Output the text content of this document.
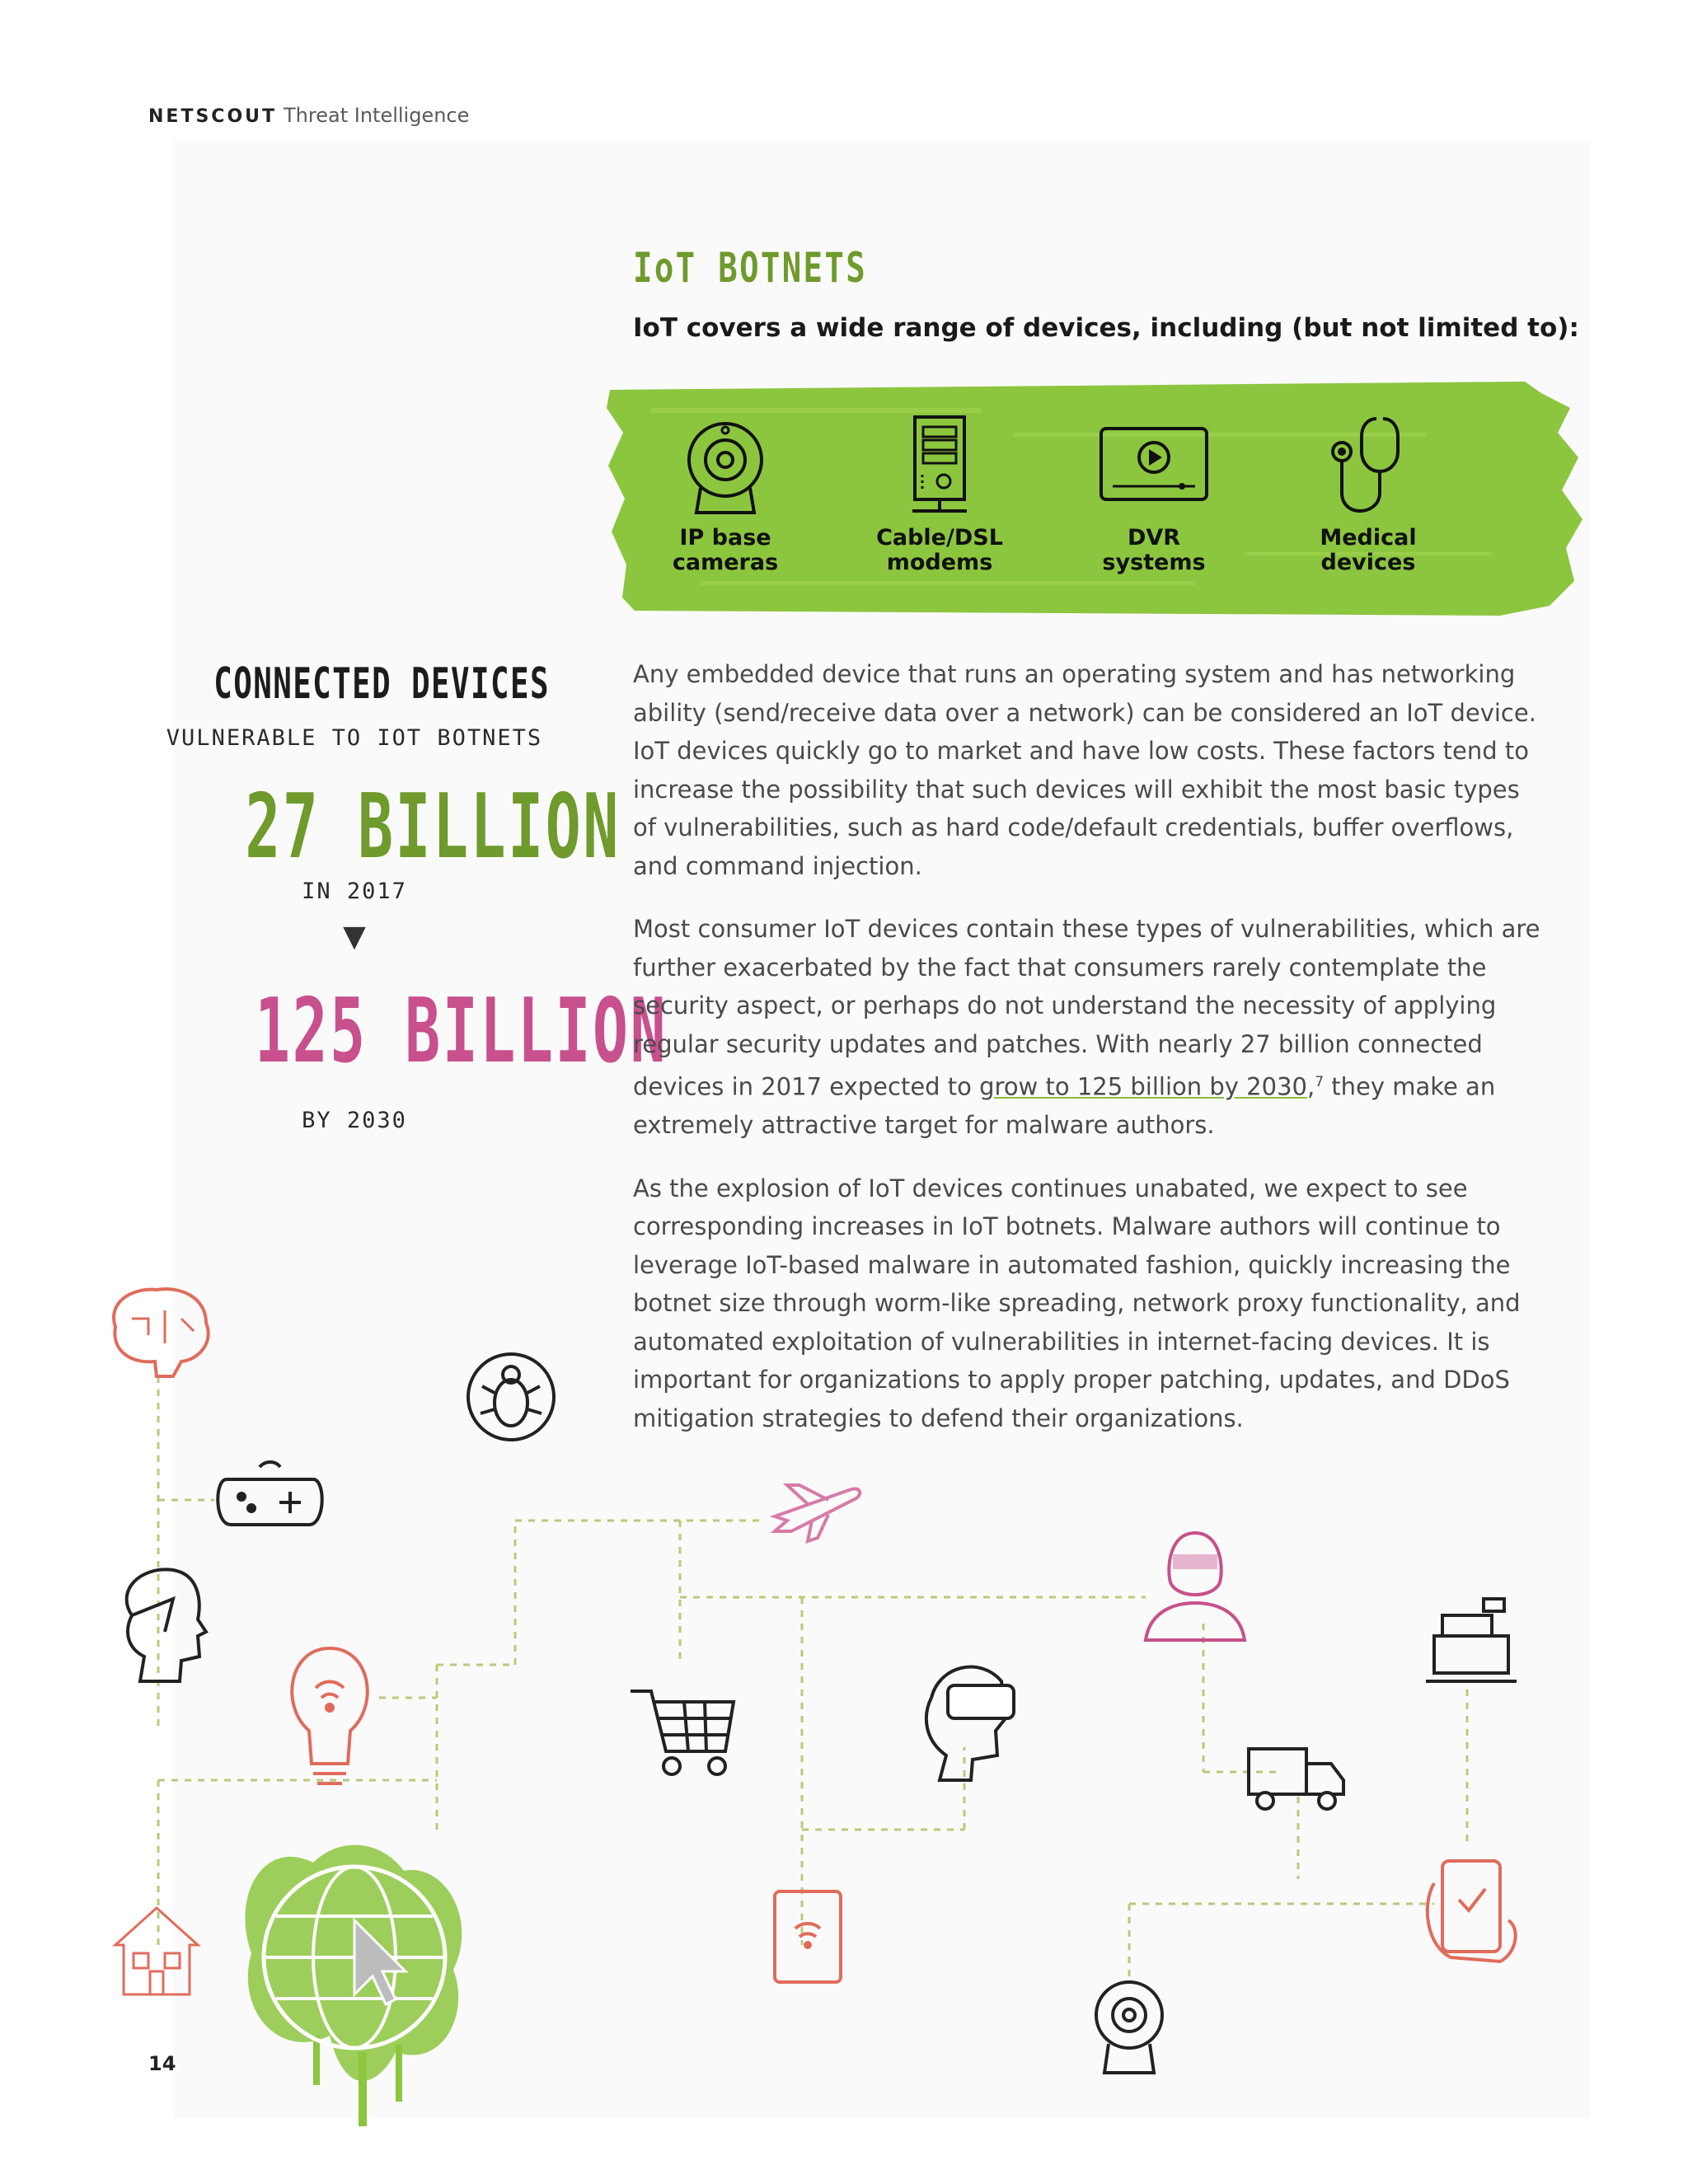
NETSCOUT Threat Intelligence
IoT BOTNETS
IoT covers a wide range of devices, including (but not limited to):
IP base
cameras
Cable/DSL
modems
DVR
systems
Medical
devices
CONNECTED DEVICES
VULNERABLE TO IOT BOTNETS
27 BILLION
IN 2017
▼
125 BILLION
BY 2030

Any embedded device that runs an operating system and has networking ability (send/receive data over a network) can be considered an IoT device. IoT devices quickly go to market and have low costs. These factors tend to increase the possibility that such devices will exhibit the most basic types of vulnerabilities, such as hard code/default credentials, buffer overflows, and command injection.

Most consumer IoT devices contain these types of vulnerabilities, which are further exacerbated by the fact that consumers rarely contemplate the security aspect, or perhaps do not understand the necessity of applying regular security updates and patches. With nearly 27 billion connected devices in 2017 expected to grow to 125 billion by 2030,$^7$ they make an extremely attractive target for malware authors.

As the explosion of IoT devices continues unabated, we expect to see corresponding increases in IoT botnets. Malware authors will continue to leverage IoT-based malware in automated fashion, quickly increasing the botnet size through worm-like spreading, network proxy functionality, and automated exploitation of vulnerabilities in internet-facing devices. It is important for organizations to apply proper patching, updates, and DDoS mitigation strategies to defend their organizations.

14
